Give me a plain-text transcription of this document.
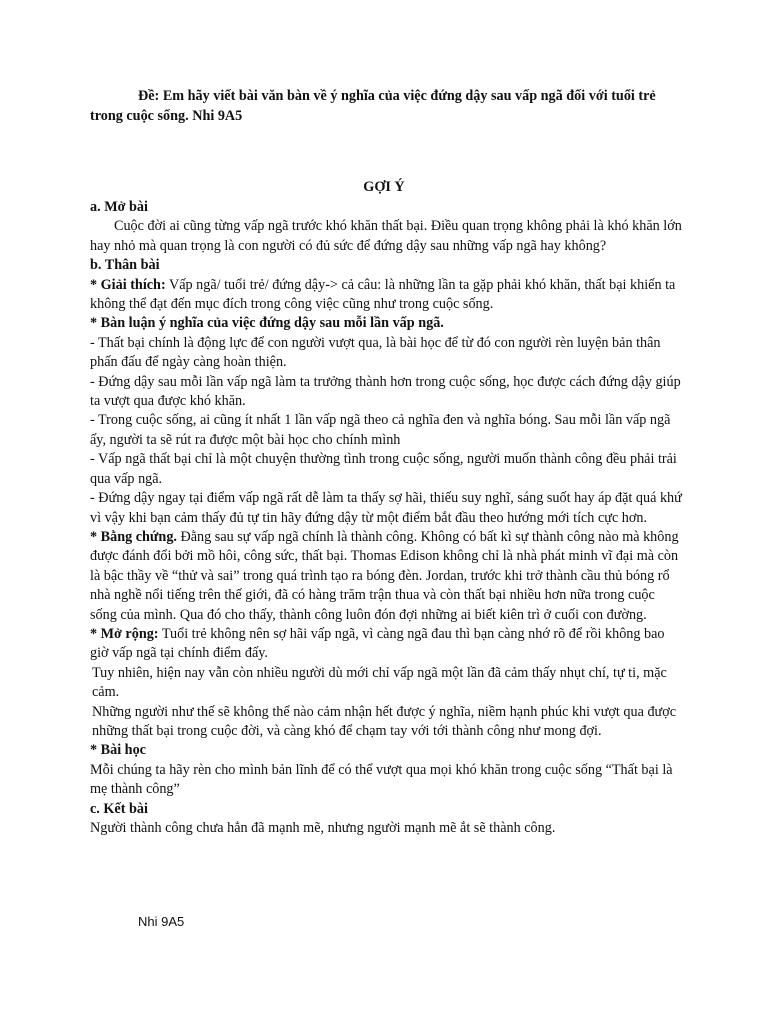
Đề: Em hãy viết bài văn bàn về ý nghĩa của việc đứng dậy sau vấp ngã đối với tuổi trẻ trong cuộc sống. Nhi 9A5
GỢI Ý

a. Mở bài

Cuộc đời ai cũng từng vấp ngã trước khó khăn thất bại. Điều quan trọng không phải là khó khăn lớn hay nhỏ mà quan trọng là con người có đủ sức để đứng dậy sau những vấp ngã hay không?

b. Thân bài

* Giải thích: Vấp ngã/ tuổi trẻ/ đứng dậy-> cả câu: là những lần ta gặp phải khó khăn, thất bại khiến ta không thể đạt đến mục đích trong công việc cũng như trong cuộc sống.

* Bàn luận ý nghĩa của việc đứng dậy sau mỗi lần vấp ngã.

- Thất bại chính là động lực để con người vượt qua, là bài học để từ đó con người rèn luyện bản thân phấn đấu để ngày càng hoàn thiện.

- Đứng dậy sau mỗi lần vấp ngã làm ta trưởng thành hơn trong cuộc sống, học được cách đứng dậy giúp ta vượt qua được khó khăn.

- Trong cuộc sống, ai cũng ít nhất 1 lần vấp ngã theo cả nghĩa đen và nghĩa bóng. Sau mỗi lần vấp ngã ấy, người ta sẽ rút ra được một bài học cho chính mình

- Vấp ngã thất bại chỉ là một chuyện thường tình trong cuộc sống, người muốn thành công đều phải trải qua vấp ngã.

- Đứng dậy ngay tại điểm vấp ngã rất dễ làm ta thấy sợ hãi, thiếu suy nghĩ, sáng suốt hay áp đặt quá khứ vì vậy khi bạn cảm thấy đủ tự tin hãy đứng dậy từ một điểm bắt đầu theo hướng mới tích cực hơn.

* Bằng chứng. Đằng sau sự vấp ngã chính là thành công. Không có bất kì sự thành công nào mà không được đánh đổi bởi mồ hôi, công sức, thất bại. Thomas Edison không chỉ là nhà phát minh vĩ đại mà còn là bậc thầy về “thử và sai” trong quá trình tạo ra bóng đèn. Jordan, trước khi trở thành cầu thủ bóng rổ nhà nghề nổi tiếng trên thế giới, đã có hàng trăm trận thua và còn thất bại nhiều hơn nữa trong cuộc sống của mình. Qua đó cho thấy, thành công luôn đón đợi những ai biết kiên trì ở cuối con đường.

* Mở rộng: Tuổi trẻ không nên sợ hãi vấp ngã, vì càng ngã đau thì bạn càng nhớ rõ để rồi không bao giờ vấp ngã tại chính điểm đấy.

Tuy nhiên, hiện nay vẫn còn nhiều người dù mới chỉ vấp ngã một lần đã cảm thấy nhụt chí, tự ti, mặc cảm.

Những người như thế sẽ không thể nào cảm nhận hết được ý nghĩa, niềm hạnh phúc khi vượt qua được những thất bại trong cuộc đời, và càng khó để chạm tay với tới thành công như mong đợi.

* Bài học

Mỗi chúng ta hãy rèn cho mình bản lĩnh để có thể vượt qua mọi khó khăn trong cuộc sống “Thất bại là mẹ thành công”

c. Kết bài

Người thành công chưa hẳn đã mạnh mẽ, nhưng người mạnh mẽ ắt sẽ thành công.

Nhi 9A5
